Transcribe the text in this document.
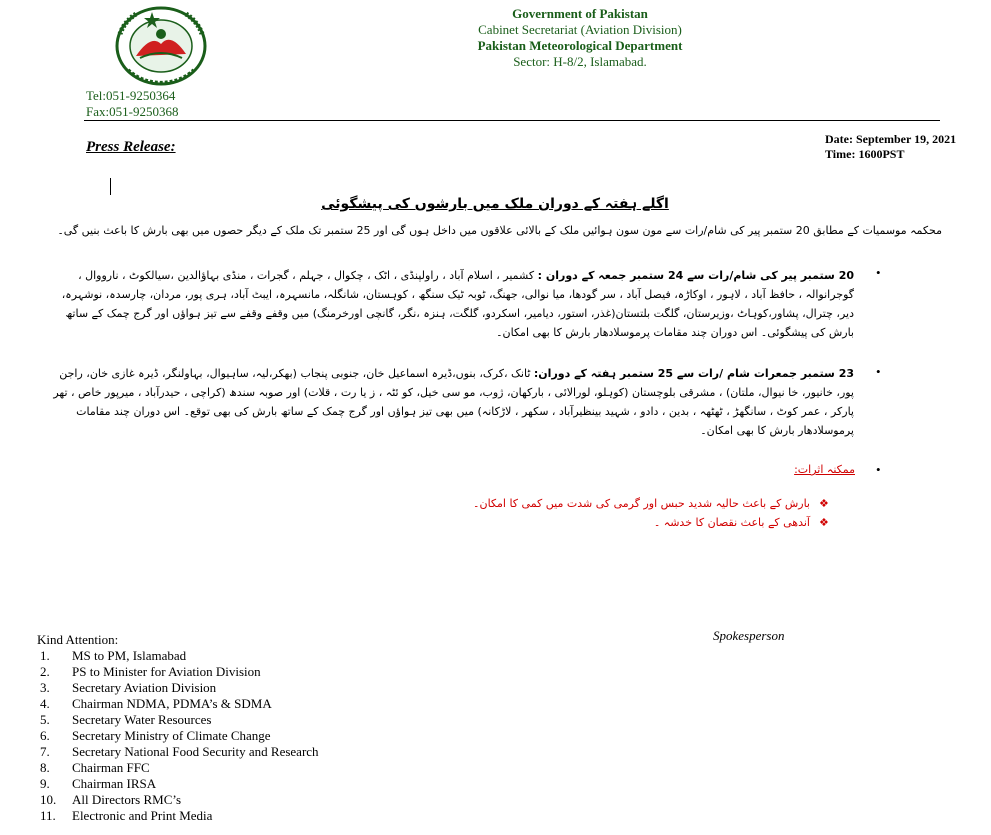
Government of Pakistan
Cabinet Secretariat (Aviation Division)
Pakistan Meteorological Department
Sector: H-8/2, Islamabad.
Tel:051-9250364
Fax:051-9250368
Press Release:	Date: September 19, 2021
Time: 1600PST
اگلے ہفتہ کے دوران ملک میں بارشوں کی پیشگوئی
محکمہ موسمیات کے مطابق 20 ستمبر پیر کی شام/رات سے مون سون ہوائیں ملک کے بالائی علاقوں میں داخل ہوں گی اور 25 ستمبر تک ملک کے دیگر حصوں میں بھی بارش کا باعث بنیں گی۔
•
20 ستمبر پیر کی شام/رات سے 24 ستمبر جمعہ کے دوران : کشمیر ، اسلام آباد ، راولپنڈی ، اٹک ، چکوال ، جہلم ، گجرات ، منڈی بہاؤالدین ،سیالکوٹ ، نارووال ، گوجرانوالہ ، حافظ آباد ، لاہور ، اوکاڑہ، فیصل آباد ، سر گودھا، میا نوالی، جھنگ، ٹوبہ ٹیک سنگھ ، کوہستان، شانگلہ، مانسہرہ، ایبٹ آباد، ہری پور، مردان، چارسدہ، نوشہرہ، دیر، چترال، پشاور،کوہاٹ ،وزیرستان، گلگت بلتستان(غذر، استور، دیامیر، اسکردو، گلگت، ہنزہ ،نگر، گانچی اورخرمنگ) میں وقفے وقفے سے تیز ہواؤں اور گرج چمک کے ساتھ بارش کی پیشگوئی۔ اس دوران چند مقامات پرموسلادھار بارش کا بھی امکان۔
•
23 ستمبر جمعرات شام /رات سے 25 ستمبر ہفتہ کے دوران: ٹانک ،کرک، بنوں،ڈیرہ اسماعیل خان، جنوبی پنجاب (بھکر،لیہ، ساہیوال، بہاولنگر، ڈیرہ غازی خان، راجن پور، خانیور، خا نیوال، ملتان) ، مشرقی بلوچستان (کوہلو، لورالائی ، بارکھان، ژوب، مو سی خیل، کو ئٹہ ، ز یا رت ، قلات) اور صوبہ سندھ (کراچی ، حیدرآباد ، میرپور خاص ، تھر پارکر ، عمر کوٹ ، سانگھڑ ، ٹھٹھہ ، بدین ، دادو ، شہید بینظیرآباد ، سکھر ، لاڑکانہ) میں بھی تیز ہواؤں اور گرج چمک کے ساتھ بارش کی بھی توقع۔ اس دوران چند مقامات پرموسلادھار بارش کا بھی امکان۔
•
ممکنہ اثرات:
❖
بارش کے باعث حالیہ شدید حبس اور گرمی کی شدت میں کمی کا امکان۔
❖
آندھی کے باعث نقصان کا خدشہ ۔
Spokesperson
Kind Attention:
1. MS to PM, Islamabad
2. PS to Minister for Aviation Division
3. Secretary Aviation Division
4. Chairman NDMA, PDMA’s & SDMA
5. Secretary Water Resources
6. Secretary Ministry of Climate Change
7. Secretary National Food Security and Research
8. Chairman FFC
9. Chairman IRSA
10. All Directors RMC’s
11. Electronic and Print Media
